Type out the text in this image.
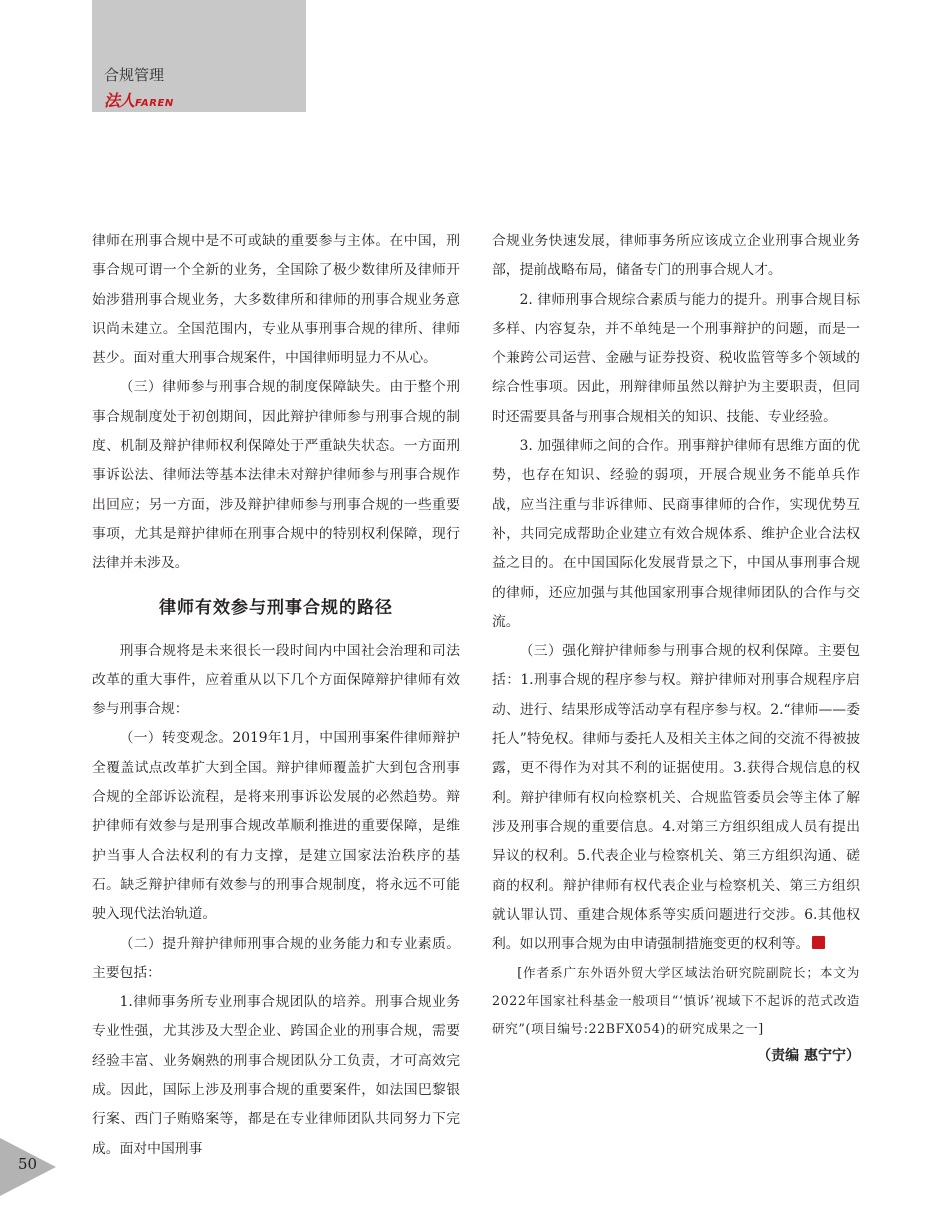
合规管理
法人 FAREN

律师在刑事合规中是不可或缺的重要参与主体。在中国，刑事合规可谓一个全新的业务，全国除了极少数律所及律师开始涉猎刑事合规业务，大多数律所和律师的刑事合规业务意识尚未建立。全国范围内，专业从事刑事合规的律所、律师甚少。面对重大刑事合规案件，中国律师明显力不从心。

（三）律师参与刑事合规的制度保障缺失。由于整个刑事合规制度处于初创期间，因此辩护律师参与刑事合规的制度、机制及辩护律师权利保障处于严重缺失状态。一方面刑事诉讼法、律师法等基本法律未对辩护律师参与刑事合规作出回应；另一方面，涉及辩护律师参与刑事合规的一些重要事项，尤其是辩护律师在刑事合规中的特别权利保障，现行法律并未涉及。

律师有效参与刑事合规的路径

刑事合规将是未来很长一段时间内中国社会治理和司法改革的重大事件，应着重从以下几个方面保障辩护律师有效参与刑事合规：

（一）转变观念。2019年1月，中国刑事案件律师辩护全覆盖试点改革扩大到全国。辩护律师覆盖扩大到包含刑事合规的全部诉讼流程，是将来刑事诉讼发展的必然趋势。辩护律师有效参与是刑事合规改革顺利推进的重要保障，是维护当事人合法权利的有力支撑，是建立国家法治秩序的基石。缺乏辩护律师有效参与的刑事合规制度，将永远不可能驶入现代法治轨道。

（二）提升辩护律师刑事合规的业务能力和专业素质。主要包括：

1.律师事务所专业刑事合规团队的培养。刑事合规业务专业性强，尤其涉及大型企业、跨国企业的刑事合规，需要经验丰富、业务娴熟的刑事合规团队分工负责，才可高效完成。因此，国际上涉及刑事合规的重要案件，如法国巴黎银行案、西门子贿赂案等，都是在专业律师团队共同努力下完成。面对中国刑事

合规业务快速发展，律师事务所应该成立企业刑事合规业务部，提前战略布局，储备专门的刑事合规人才。

2. 律师刑事合规综合素质与能力的提升。刑事合规目标多样、内容复杂，并不单纯是一个刑事辩护的问题，而是一个兼跨公司运营、金融与证券投资、税收监管等多个领域的综合性事项。因此，刑辩律师虽然以辩护为主要职责，但同时还需要具备与刑事合规相关的知识、技能、专业经验。

3. 加强律师之间的合作。刑事辩护律师有思维方面的优势，也存在知识、经验的弱项，开展合规业务不能单兵作战，应当注重与非诉律师、民商事律师的合作，实现优势互补，共同完成帮助企业建立有效合规体系、维护企业合法权益之目的。在中国国际化发展背景之下，中国从事刑事合规的律师，还应加强与其他国家刑事合规律师团队的合作与交流。

（三）强化辩护律师参与刑事合规的权利保障。主要包括：1.刑事合规的程序参与权。辩护律师对刑事合规程序启动、进行、结果形成等活动享有程序参与权。2.“律师——委托人”特免权。律师与委托人及相关主体之间的交流不得被披露，更不得作为对其不利的证据使用。3.获得合规信息的权利。辩护律师有权向检察机关、合规监管委员会等主体了解涉及刑事合规的重要信息。4.对第三方组织组成人员有提出异议的权利。5.代表企业与检察机关、第三方组织沟通、磋商的权利。辩护律师有权代表企业与检察机关、第三方组织就认罪认罚、重建合规体系等实质问题进行交涉。6.其他权利。如以刑事合规为由申请强制措施变更的权利等。

[作者系广东外语外贸大学区域法治研究院副院长；本文为2022年国家社科基金一般项目“‘慎诉’视域下不起诉的范式改造研究”(项目编号:22BFX054)的研究成果之一]

（责编 惠宁宁）

50
